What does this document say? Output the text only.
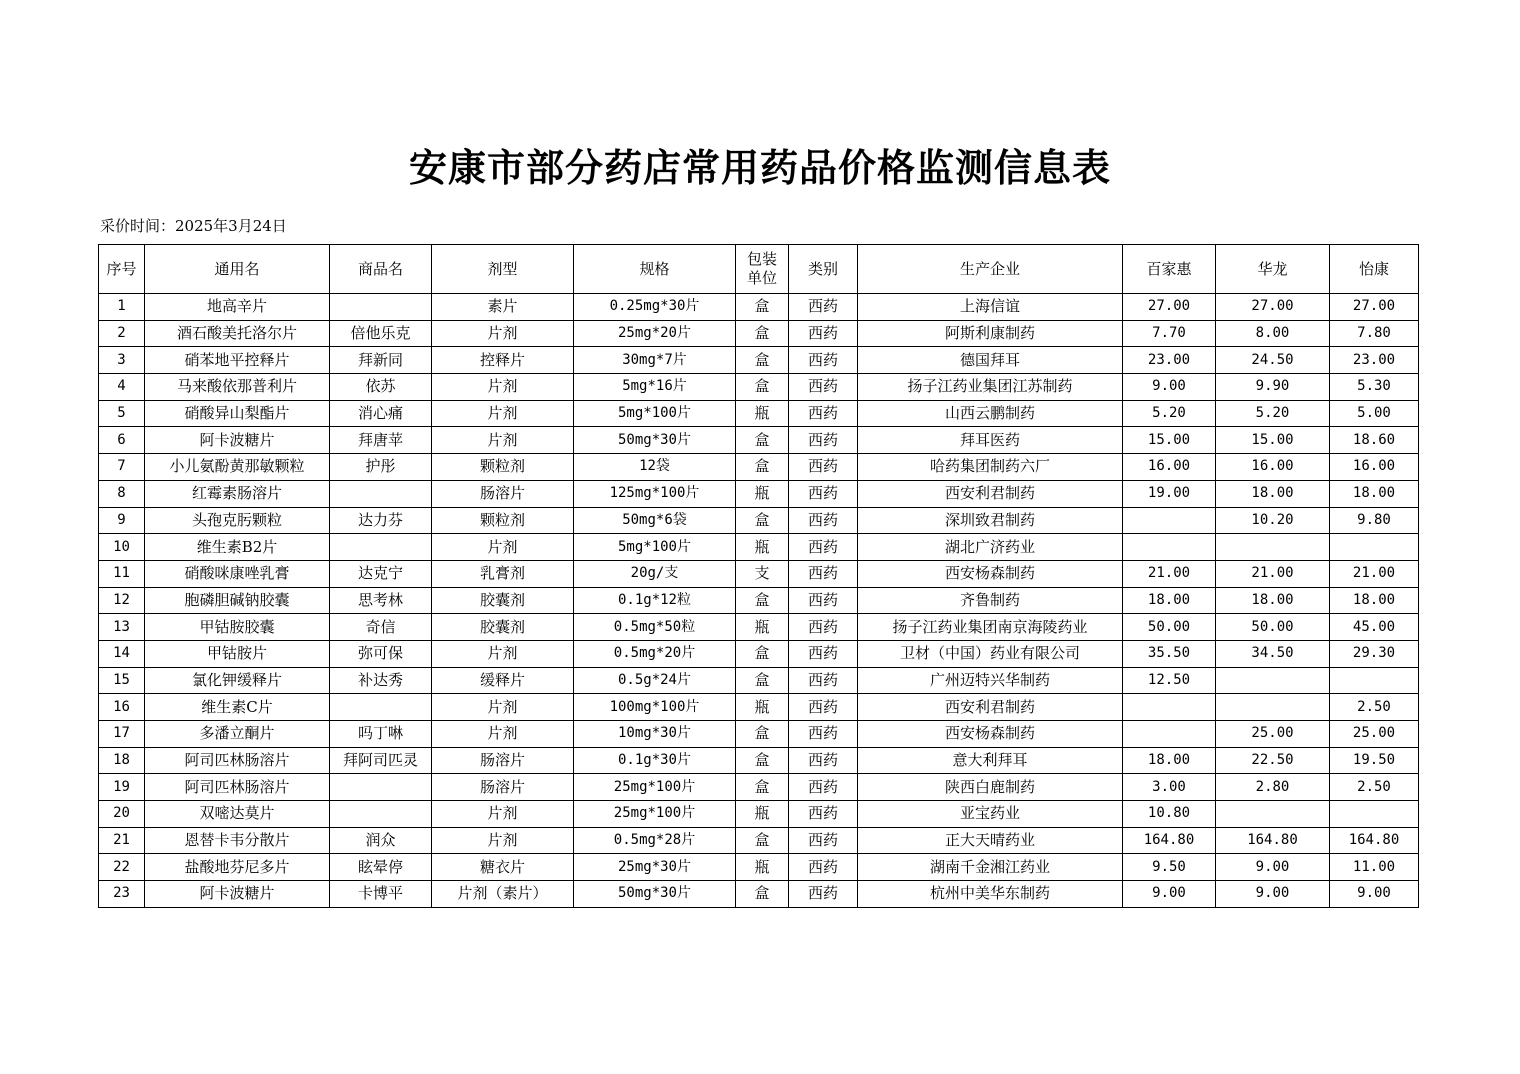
安康市部分药店常用药品价格监测信息表
采价时间：2025年3月24日
序号	通用名	商品名	剂型	规格	包装单位	类别	生产企业	百家惠	华龙	怡康
1	地高辛片		素片	0.25mg*30片	盒	西药	上海信谊	27.00	27.00	27.00
2	酒石酸美托洛尔片	倍他乐克	片剂	25mg*20片	盒	西药	阿斯利康制药	7.70	8.00	7.80
3	硝苯地平控释片	拜新同	控释片	30mg*7片	盒	西药	德国拜耳	23.00	24.50	23.00
4	马来酸依那普利片	依苏	片剂	5mg*16片	盒	西药	扬子江药业集团江苏制药	9.00	9.90	5.30
5	硝酸异山梨酯片	消心痛	片剂	5mg*100片	瓶	西药	山西云鹏制药	5.20	5.20	5.00
6	阿卡波糖片	拜唐苹	片剂	50mg*30片	盒	西药	拜耳医药	15.00	15.00	18.60
7	小儿氨酚黄那敏颗粒	护彤	颗粒剂	12袋	盒	西药	哈药集团制药六厂	16.00	16.00	16.00
8	红霉素肠溶片		肠溶片	125mg*100片	瓶	西药	西安利君制药	19.00	18.00	18.00
9	头孢克肟颗粒	达力芬	颗粒剂	50mg*6袋	盒	西药	深圳致君制药		10.20	9.80
10	维生素B2片		片剂	5mg*100片	瓶	西药	湖北广济药业			
11	硝酸咪康唑乳膏	达克宁	乳膏剂	20g/支	支	西药	西安杨森制药	21.00	21.00	21.00
12	胞磷胆碱钠胶囊	思考林	胶囊剂	0.1g*12粒	盒	西药	齐鲁制药	18.00	18.00	18.00
13	甲钴胺胶囊	奇信	胶囊剂	0.5mg*50粒	瓶	西药	扬子江药业集团南京海陵药业	50.00	50.00	45.00
14	甲钴胺片	弥可保	片剂	0.5mg*20片	盒	西药	卫材（中国）药业有限公司	35.50	34.50	29.30
15	氯化钾缓释片	补达秀	缓释片	0.5g*24片	盒	西药	广州迈特兴华制药	12.50		
16	维生素C片		片剂	100mg*100片	瓶	西药	西安利君制药			2.50
17	多潘立酮片	吗丁啉	片剂	10mg*30片	盒	西药	西安杨森制药		25.00	25.00
18	阿司匹林肠溶片	拜阿司匹灵	肠溶片	0.1g*30片	盒	西药	意大利拜耳	18.00	22.50	19.50
19	阿司匹林肠溶片		肠溶片	25mg*100片	盒	西药	陕西白鹿制药	3.00	2.80	2.50
20	双嘧达莫片		片剂	25mg*100片	瓶	西药	亚宝药业	10.80		
21	恩替卡韦分散片	润众	片剂	0.5mg*28片	盒	西药	正大天晴药业	164.80	164.80	164.80
22	盐酸地芬尼多片	眩晕停	糖衣片	25mg*30片	瓶	西药	湖南千金湘江药业	9.50	9.00	11.00
23	阿卡波糖片	卡博平	片剂（素片）	50mg*30片	盒	西药	杭州中美华东制药	9.00	9.00	9.00
